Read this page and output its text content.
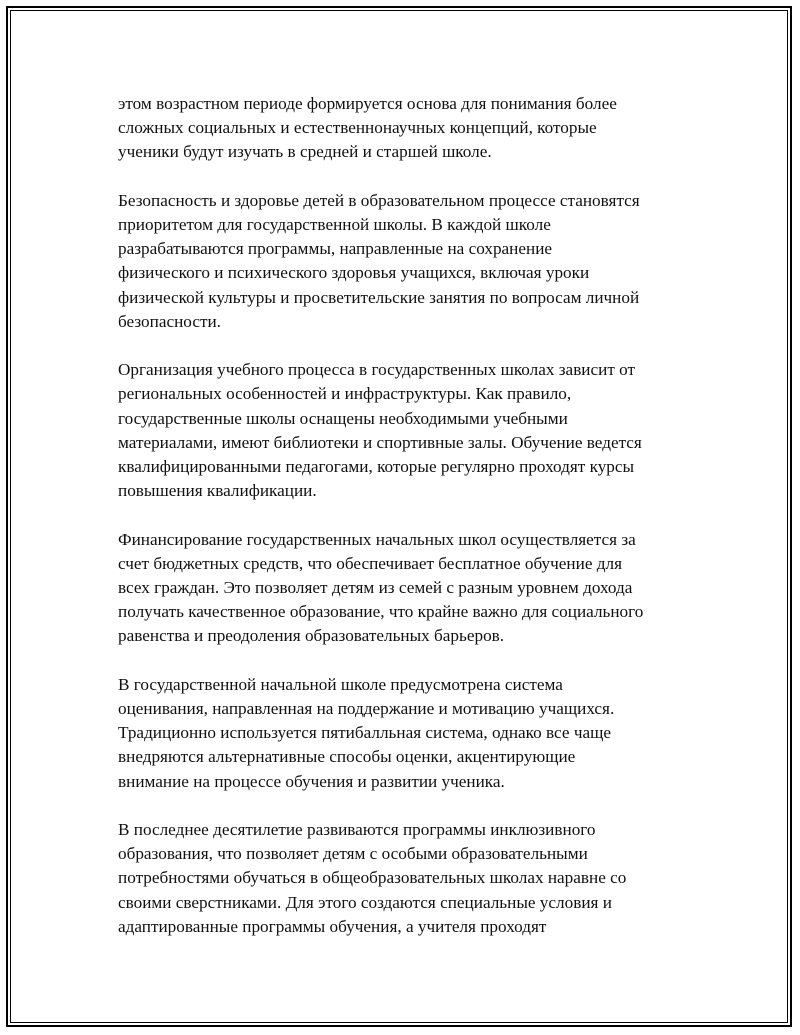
этом возрастном периоде формируется основа для понимания более
сложных социальных и естественнонаучных концепций, которые
ученики будут изучать в средней и старшей школе.

Безопасность и здоровье детей в образовательном процессе становятся
приоритетом для государственной школы. В каждой школе
разрабатываются программы, направленные на сохранение
физического и психического здоровья учащихся, включая уроки
физической культуры и просветительские занятия по вопросам личной
безопасности.

Организация учебного процесса в государственных школах зависит от
региональных особенностей и инфраструктуры. Как правило,
государственные школы оснащены необходимыми учебными
материалами, имеют библиотеки и спортивные залы. Обучение ведется
квалифицированными педагогами, которые регулярно проходят курсы
повышения квалификации.

Финансирование государственных начальных школ осуществляется за
счет бюджетных средств, что обеспечивает бесплатное обучение для
всех граждан. Это позволяет детям из семей с разным уровнем дохода
получать качественное образование, что крайне важно для социального
равенства и преодоления образовательных барьеров.

В государственной начальной школе предусмотрена система
оценивания, направленная на поддержание и мотивацию учащихся.
Традиционно используется пятибалльная система, однако все чаще
внедряются альтернативные способы оценки, акцентирующие
внимание на процессе обучения и развитии ученика.

В последнее десятилетие развиваются программы инклюзивного
образования, что позволяет детям с особыми образовательными
потребностями обучаться в общеобразовательных школах наравне со
своими сверстниками. Для этого создаются специальные условия и
адаптированные программы обучения, а учителя проходят
